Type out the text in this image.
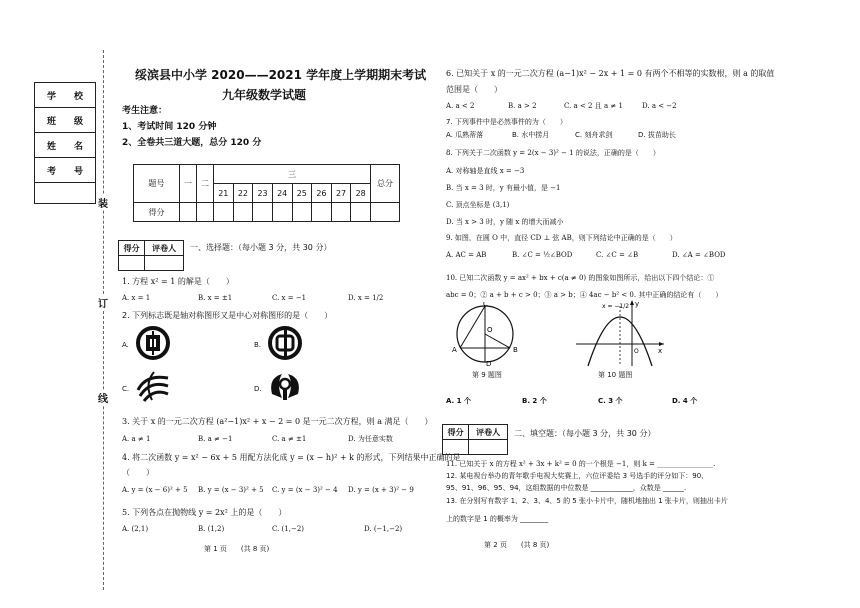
学　　校
班　　级
姓　　名
考　　号

装
订
线
绥滨县中小学 2020——2021 学年度上学期期末考试
九年级数学试题
考生注意：
1、考试时间 120 分钟
2、全卷共三道大题，总分 120 分
题号	一	二	三								总分
			21	22	23	24	25	26	27	28	
得分											
得分	评卷人
	一、选择题：（每小题 3 分，共 30 分）
1. 方程 x² = 1 的解是（　　）
A. x = 1	B. x = ±1	C. x = −1	D. x = 1/2
2. 下列标志既是轴对称图形又是中心对称图形的是（　　）
A.	B.
C.	D.
3. 关于 x 的一元二次方程 (a²−1)x² + x − 2 = 0 是一元二次方程，则 a 满足（　　）
A. a ≠ 1	B. a ≠ −1	C. a ≠ ±1	D. 为任意实数
4. 将二次函数 y = x² − 6x + 5 用配方法化成 y = (x − h)² + k 的形式，下列结果中正确的是
（　　）
A. y = (x − 6)² + 5 B. y = (x − 3)² + 5 C. y = (x − 3)² − 4 D. y = (x + 3)² − 9
5. 下列各点在抛物线 y = 2x² 上的是（　　）
A. (2,1)	B. (1,2)	C. (1,−2)	D. (−1,−2)
第 1 页　　(共 8 页)
6. 已知关于 x 的一元二次方程 (a−1)x² − 2x + 1 = 0 有两个不相等的实数根，则 a 的取值
范围是（　　）
A. a < 2	B. a > 2	C. a < 2 且 a ≠ 1	D. a < −2
7. 下列事件中是必然事件的为（　　）
A. 瓜熟蒂落	B. 水中捞月	C. 刻舟求剑	D. 拔苗助长
8. 下列关于二次函数 y = 2(x − 3)² − 1 的说法，正确的是（　　）
A. 对称轴是直线 x = −3
B. 当 x = 3 时，y 有最小值，是 −1
C. 顶点坐标是 (3,1)
D. 当 x > 3 时，y 随 x 的增大而减小
9. 如图，在圆 O 中，直径 CD ⊥ 弦 AB，则下列结论中正确的是（　　）
A. AC = AB	B. ∠C = ½∠BOD	C. ∠C = ∠B	D. ∠A = ∠BOD
10. 已知二次函数 y = ax² + bx + c(a ≠ 0) 的图象如图所示，给出以下四个结论：①
abc = 0；② a + b + c > 0；③ a > b；④ 4ac − b² < 0. 其中正确的结论有（　　）
O
A	B
C
D
第 9 题图
x = −1/2 y
x
O
第 10 题图
A. 1 个	B. 2 个	C. 3 个	D. 4 个
得分	评卷人
	二、填空题：（每小题 3 分，共 30 分）
11. 已知关于 x 的方程 x² + 3x + k² = 0 的一个根是 −1，则 k = ________________.
12. 某电视台举办的青年歌手电视大奖赛上，六位评委给 3 号选手的评分如下：90、
95、91、96、95、94，这组数据的中位数是 ____________，众数是 ______.
13. 在分别写有数字 1、2、3、4、5 的 5 张小卡片中，随机地抽出 1 张卡片，则抽出卡片
上的数字是 1 的概率为 ________
第 2 页　　(共 8 页)
